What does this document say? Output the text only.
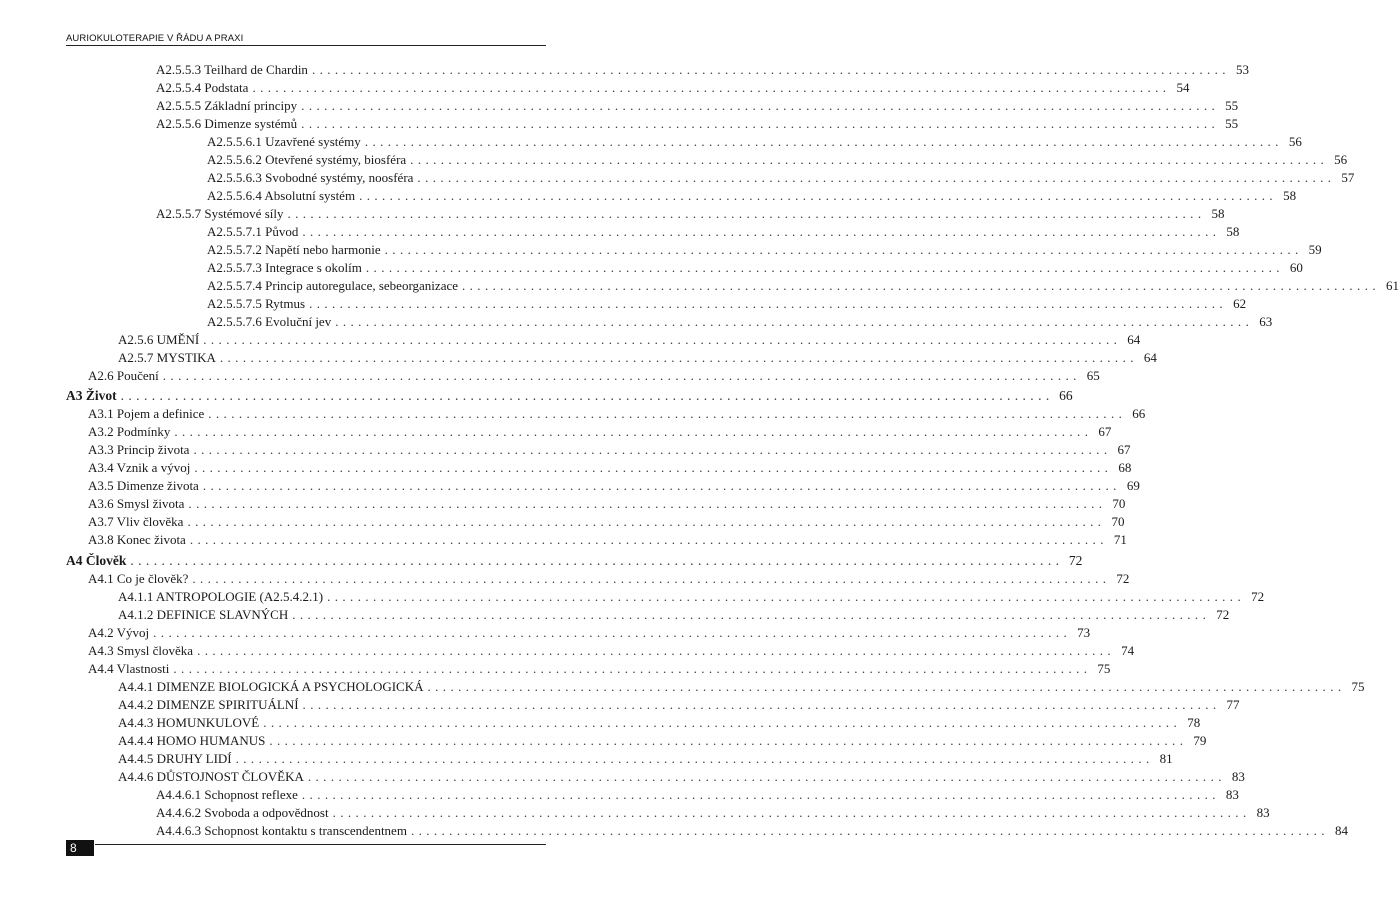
AURIOKULOTERAPIE V ŘÁDU A PRAXI
A2.5.5.3 Teilhard de Chardin ........................................................................................................................ 53
A2.5.5.4 Podstata ........................................................................................................................ 54
A2.5.5.5 Základní principy ........................................................................................................................ 55
A2.5.5.6 Dimenze systémů ........................................................................................................................ 55
A2.5.5.6.1 Uzavřené systémy ........................................................................................................................ 56
A2.5.5.6.2 Otevřené systémy, biosféra ........................................................................................................................ 56
A2.5.5.6.3 Svobodné systémy, noosféra ........................................................................................................................ 57
A2.5.5.6.4 Absolutní systém ........................................................................................................................ 58
A2.5.5.7 Systémové síly ........................................................................................................................ 58
A2.5.5.7.1 Původ ........................................................................................................................ 58
A2.5.5.7.2 Napětí nebo harmonie ........................................................................................................................ 59
A2.5.5.7.3 Integrace s okolím ........................................................................................................................ 60
A2.5.5.7.4 Princip autoregulace, sebeorganizace ........................................................................................................................ 61
A2.5.5.7.5 Rytmus ........................................................................................................................ 62
A2.5.5.7.6 Evoluční jev ........................................................................................................................ 63
A2.5.6 UMĚNÍ ........................................................................................................................ 64
A2.5.7 MYSTIKA ........................................................................................................................ 64
A2.6 Poučení ........................................................................................................................ 65
A3 Život ........................................................................................................................ 66
A3.1 Pojem a definice ........................................................................................................................ 66
A3.2 Podmínky ........................................................................................................................ 67
A3.3 Princip života ........................................................................................................................ 67
A3.4 Vznik a vývoj ........................................................................................................................ 68
A3.5 Dimenze života ........................................................................................................................ 69
A3.6 Smysl života ........................................................................................................................ 70
A3.7 Vliv člověka ........................................................................................................................ 70
A3.8 Konec života ........................................................................................................................ 71
A4 Člověk ........................................................................................................................ 72
A4.1 Co je člověk? ........................................................................................................................ 72
A4.1.1 ANTROPOLOGIE (A2.5.4.2.1) ........................................................................................................................ 72
A4.1.2 DEFINICE SLAVNÝCH ........................................................................................................................ 72
A4.2 Vývoj ........................................................................................................................ 73
A4.3 Smysl člověka ........................................................................................................................ 74
A4.4 Vlastnosti ........................................................................................................................ 75
A4.4.1 DIMENZE BIOLOGICKÁ A PSYCHOLOGICKÁ ........................................................................................................................ 75
A4.4.2 DIMENZE SPIRITUÁLNÍ ........................................................................................................................ 77
A4.4.3 HOMUNKULOVÉ ........................................................................................................................ 78
A4.4.4 HOMO HUMANUS ........................................................................................................................ 79
A4.4.5 DRUHY LIDÍ ........................................................................................................................ 81
A4.4.6 DŮSTOJNOST ČLOVĚKA ........................................................................................................................ 83
A4.4.6.1 Schopnost reflexe ........................................................................................................................ 83
A4.4.6.2 Svoboda a odpovědnost ........................................................................................................................ 83
A4.4.6.3 Schopnost kontaktu s transcendentnem ........................................................................................................................ 84
8
